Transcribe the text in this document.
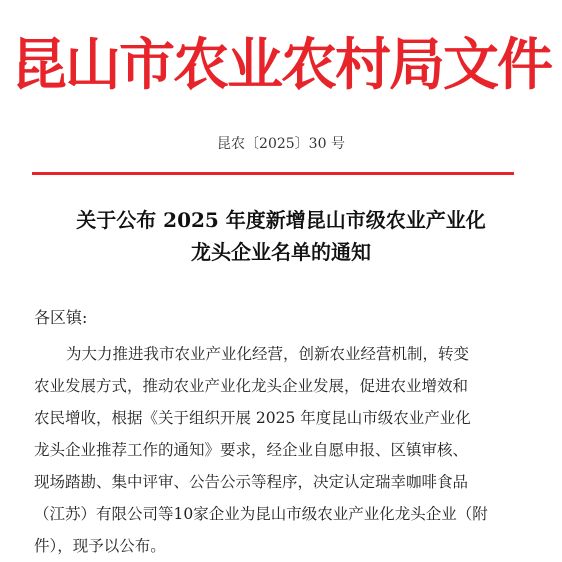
昆山市农业农村局文件
昆农〔2025〕30 号
关于公布 2025 年度新增昆山市级农业产业化
龙头企业名单的通知
各区镇:
为大力推进我市农业产业化经营，创新农业经营机制，转变
农业发展方式，推动农业产业化龙头企业发展，促进农业增效和
农民增收，根据《关于组织开展 2025 年度昆山市级农业产业化
龙头企业推荐工作的通知》要求，经企业自愿申报、区镇审核、
现场踏勘、集中评审、公告公示等程序，决定认定瑞幸咖啡食品
（江苏）有限公司等10家企业为昆山市级农业产业化龙头企业（附
件），现予以公布。
